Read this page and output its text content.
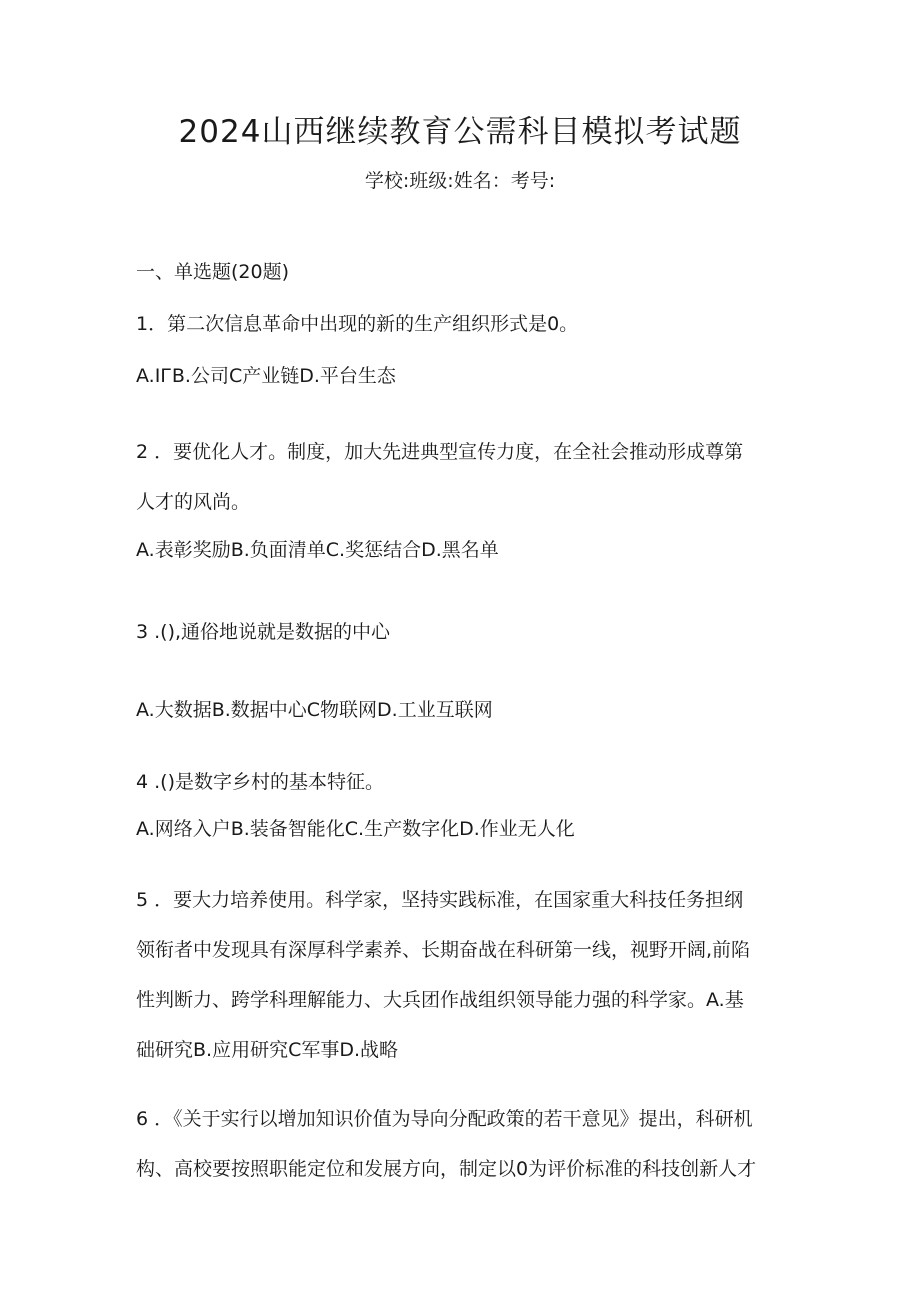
2024山西继续教育公需科目模拟考试题
学校:班级:姓名：考号:
一、单选题(20题)
1．第二次信息革命中出现的新的生产组织形式是0。
A.IГB.公司C产业链D.平台生态
2 ．要优化人才。制度，加大先进典型宣传力度，在全社会推动形成尊第
人才的风尚。
A.表彰奖励B.负面清单C.奖惩结合D.黑名单
3 .(),通俗地说就是数据的中心
A.大数据B.数据中心C物联网D.工业互联网
4 .()是数字乡村的基本特征。
A.网络入户B.装备智能化C.生产数字化D.作业无人化
5 ．要大力培养使用。科学家，坚持实践标准，在国家重大科技任务担纲
领衔者中发现具有深厚科学素养、长期奋战在科研第一线，视野开阔,前陷
性判断力、跨学科理解能力、大兵团作战组织领导能力强的科学家。A.基
础研究B.应用研究C军事D.战略
6 ．《关于实行以增加知识价值为导向分配政策的若干意见》提出，科研机
构、高校要按照职能定位和发展方向，制定以0为评价标准的科技创新人才
